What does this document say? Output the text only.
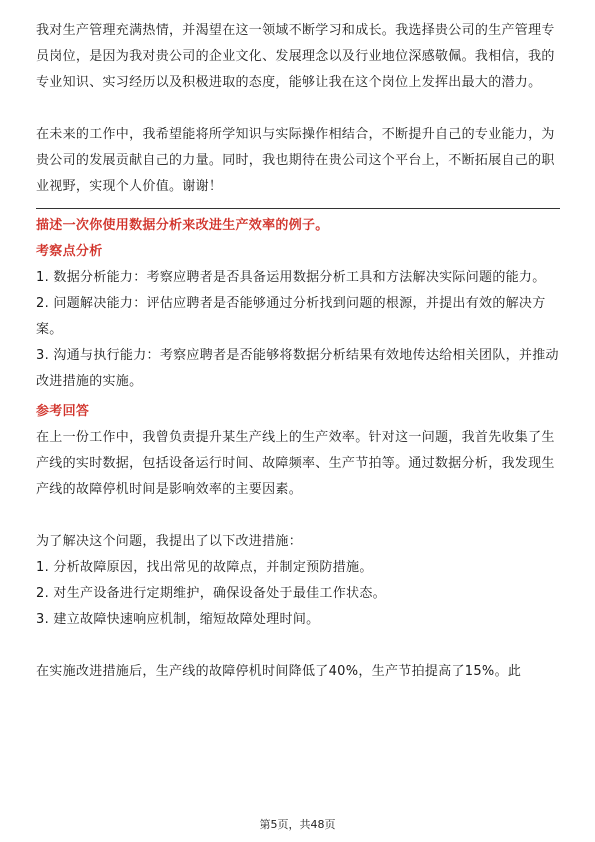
我对生产管理充满热情，并渴望在这一领域不断学习和成长。我选择贵公司的生产管理专员岗位，是因为我对贵公司的企业文化、发展理念以及行业地位深感敬佩。我相信，我的专业知识、实习经历以及积极进取的态度，能够让我在这个岗位上发挥出最大的潜力。

在未来的工作中，我希望能将所学知识与实际操作相结合，不断提升自己的专业能力，为贵公司的发展贡献自己的力量。同时，我也期待在贵公司这个平台上，不断拓展自己的职业视野，实现个人价值。谢谢！

描述一次你使用数据分析来改进生产效率的例子。

考察点分析

1. 数据分析能力：考察应聘者是否具备运用数据分析工具和方法解决实际问题的能力。

2. 问题解决能力：评估应聘者是否能够通过分析找到问题的根源，并提出有效的解决方案。

3. 沟通与执行能力：考察应聘者是否能够将数据分析结果有效地传达给相关团队，并推动改进措施的实施。

参考回答

在上一份工作中，我曾负责提升某生产线上的生产效率。针对这一问题，我首先收集了生产线的实时数据，包括设备运行时间、故障频率、生产节拍等。通过数据分析，我发现生产线的故障停机时间是影响效率的主要因素。

为了解决这个问题，我提出了以下改进措施：

1. 分析故障原因，找出常见的故障点，并制定预防措施。

2. 对生产设备进行定期维护，确保设备处于最佳工作状态。

3. 建立故障快速响应机制，缩短故障处理时间。

在实施改进措施后，生产线的故障停机时间降低了40%，生产节拍提高了15%。此

第5页，共48页
